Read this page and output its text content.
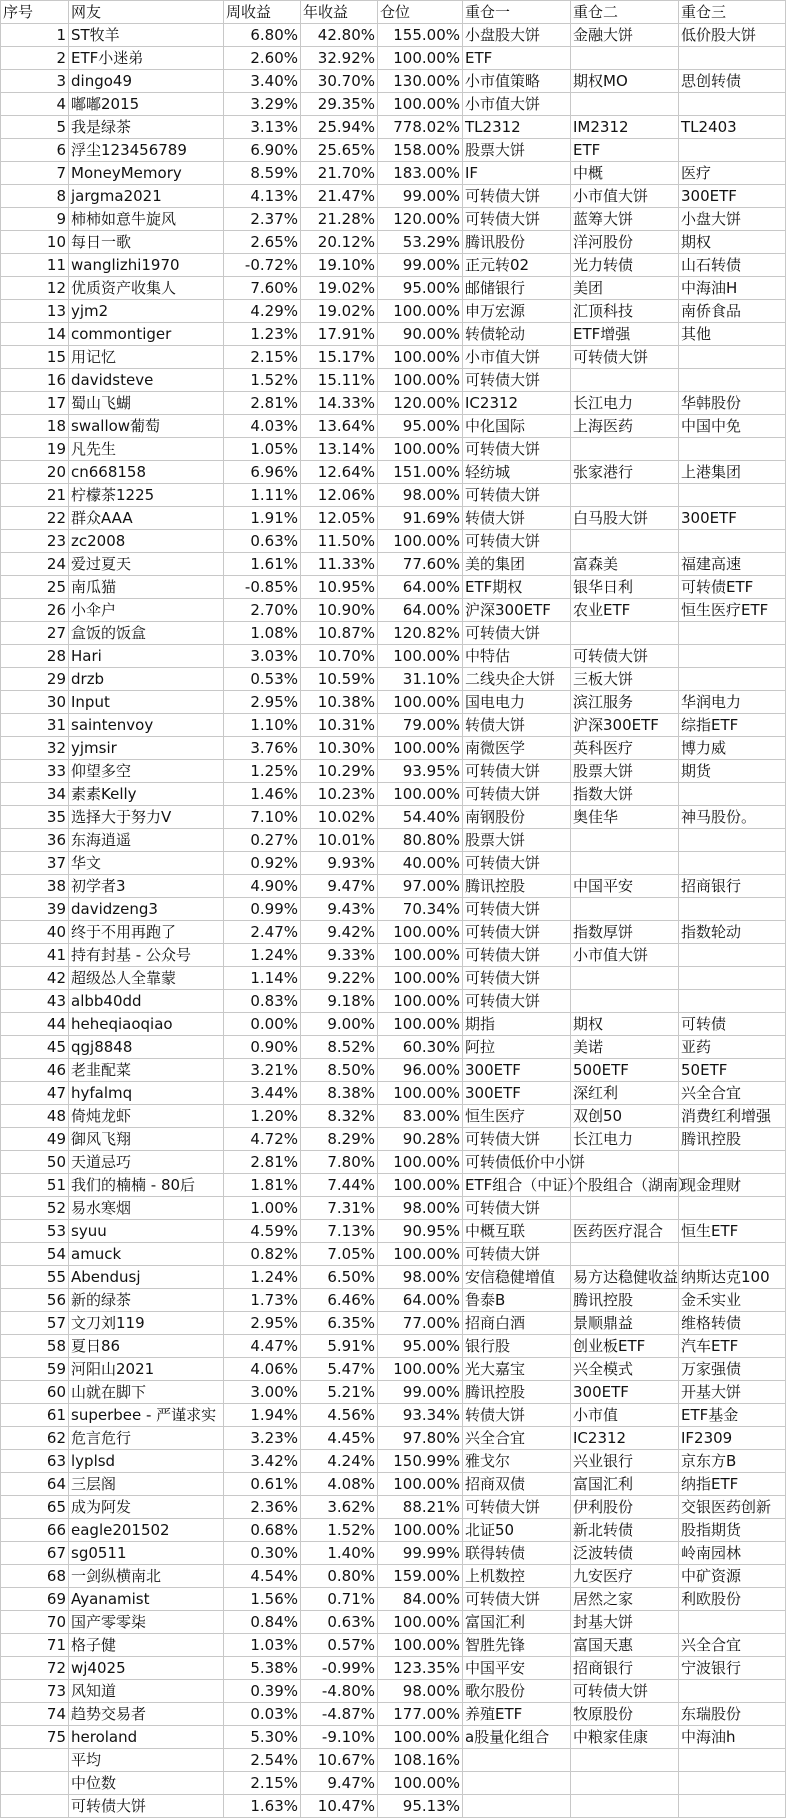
序号	网友	周收益	年收益	仓位	重仓一	重仓二	重仓三
1	ST牧羊	6.80%	42.80%	155.00%	小盘股大饼	金融大饼	低价股大饼
2	ETF小迷弟	2.60%	32.92%	100.00%	ETF		
3	dingo49	3.40%	30.70%	130.00%	小市值策略	期权MO	思创转债
4	嘟嘟2015	3.29%	29.35%	100.00%	小市值大饼		
5	我是绿茶	3.13%	25.94%	778.02%	TL2312	IM2312	TL2403
6	浮尘123456789	6.90%	25.65%	158.00%	股票大饼	ETF	
7	MoneyMemory	8.59%	21.70%	183.00%	IF	中概	医疗
8	jargma2021	4.13%	21.47%	99.00%	可转债大饼	小市值大饼	300ETF
9	柿柿如意牛旋风	2.37%	21.28%	120.00%	可转债大饼	蓝筹大饼	小盘大饼
10	每日一歌	2.65%	20.12%	53.29%	腾讯股份	洋河股份	期权
11	wanglizhi1970	-0.72%	19.10%	99.00%	正元转02	光力转债	山石转债
12	优质资产收集人	7.60%	19.02%	95.00%	邮储银行	美团	中海油H
13	yjm2	4.29%	19.02%	100.00%	申万宏源	汇顶科技	南侨食品
14	commontiger	1.23%	17.91%	90.00%	转债轮动	ETF增强	其他
15	用记忆	2.15%	15.17%	100.00%	小市值大饼	可转债大饼	
16	davidsteve	1.52%	15.11%	100.00%	可转债大饼		
17	蜀山飞蝴	2.81%	14.33%	120.00%	IC2312	长江电力	华韩股份
18	swallow葡萄	4.03%	13.64%	95.00%	中化国际	上海医药	中国中免
19	凡先生	1.05%	13.14%	100.00%	可转债大饼		
20	cn668158	6.96%	12.64%	151.00%	轻纺城	张家港行	上港集团
21	柠檬茶1225	1.11%	12.06%	98.00%	可转债大饼		
22	群众AAA	1.91%	12.05%	91.69%	转债大饼	白马股大饼	300ETF
23	zc2008	0.63%	11.50%	100.00%	可转债大饼		
24	爱过夏天	1.61%	11.33%	77.60%	美的集团	富森美	福建高速
25	南瓜猫	-0.85%	10.95%	64.00%	ETF期权	银华日利	可转债ETF
26	小伞户	2.70%	10.90%	64.00%	沪深300ETF	农业ETF	恒生医疗ETF
27	盒饭的饭盒	1.08%	10.87%	120.82%	可转债大饼		
28	Hari	3.03%	10.70%	100.00%	中特估	可转债大饼	
29	drzb	0.53%	10.59%	31.10%	二线央企大饼	三板大饼	
30	Input	2.95%	10.38%	100.00%	国电电力	滨江服务	华润电力
31	saintenvoy	1.10%	10.31%	79.00%	转债大饼	沪深300ETF	综指ETF
32	yjmsir	3.76%	10.30%	100.00%	南微医学	英科医疗	博力威
33	仰望多空	1.25%	10.29%	93.95%	可转债大饼	股票大饼	期货
34	素素Kelly	1.46%	10.23%	100.00%	可转债大饼	指数大饼	
35	选择大于努力V	7.10%	10.02%	54.40%	南钢股份	奥佳华	神马股份。
36	东海逍遥	0.27%	10.01%	80.80%	股票大饼		
37	华文	0.92%	9.93%	40.00%	可转债大饼		
38	初学者3	4.90%	9.47%	97.00%	腾讯控股	中国平安	招商银行
39	davidzeng3	0.99%	9.43%	70.34%	可转债大饼		
40	终于不用再跑了	2.47%	9.42%	100.00%	可转债大饼	指数厚饼	指数轮动
41	持有封基 - 公众号	1.24%	9.33%	100.00%	可转债大饼	小市值大饼	
42	超级怂人全靠蒙	1.14%	9.22%	100.00%	可转债大饼		
43	albb40dd	0.83%	9.18%	100.00%	可转债大饼		
44	heheqiaoqiao	0.00%	9.00%	100.00%	期指	期权	可转债
45	qgj8848	0.90%	8.52%	60.30%	阿拉	美诺	亚药
46	老韭配菜	3.21%	8.50%	96.00%	300ETF	500ETF	50ETF
47	hyfalmq	3.44%	8.38%	100.00%	300ETF	深红利	兴全合宜
48	倚炖龙虾	1.20%	8.32%	83.00%	恒生医疗	双创50	消费红利增强
49	御风飞翔	4.72%	8.29%	90.28%	可转债大饼	长江电力	腾讯控股
50	天道忌巧	2.81%	7.80%	100.00%	可转债低价中小饼		
51	我们的楠楠 - 80后	1.81%	7.44%	100.00%	ETF组合（中证）	个股组合（湖南）	现金理财
52	易水寒烟	1.00%	7.31%	98.00%	可转债大饼		
53	syuu	4.59%	7.13%	90.95%	中概互联	医药医疗混合	恒生ETF
54	amuck	0.82%	7.05%	100.00%	可转债大饼		
55	Abendusj	1.24%	6.50%	98.00%	安信稳健增值	易方达稳健收益	纳斯达克100
56	新的绿茶	1.73%	6.46%	64.00%	鲁泰B	腾讯控股	金禾实业
57	文刀刘119	2.95%	6.35%	77.00%	招商白酒	景顺鼎益	维格转债
58	夏日86	4.47%	5.91%	95.00%	银行股	创业板ETF	汽车ETF
59	河阳山2021	4.06%	5.47%	100.00%	光大嘉宝	兴全模式	万家强债
60	山就在脚下	3.00%	5.21%	99.00%	腾讯控股	300ETF	开基大饼
61	superbee - 严谨求实	1.94%	4.56%	93.34%	转债大饼	小市值	ETF基金
62	危言危行	3.23%	4.45%	97.80%	兴全合宜	IC2312	IF2309
63	lyplsd	3.42%	4.24%	150.99%	雅戈尔	兴业银行	京东方B
64	三层阁	0.61%	4.08%	100.00%	招商双债	富国汇利	纳指ETF
65	成为阿发	2.36%	3.62%	88.21%	可转债大饼	伊利股份	交银医药创新
66	eagle201502	0.68%	1.52%	100.00%	北证50	新北转债	股指期货
67	sg0511	0.30%	1.40%	99.99%	联得转债	泛波转债	岭南园林
68	一剑纵横南北	4.54%	0.80%	159.00%	上机数控	九安医疗	中矿资源
69	Ayanamist	1.56%	0.71%	84.00%	可转债大饼	居然之家	利欧股份
70	国产零零柒	0.84%	0.63%	100.00%	富国汇利	封基大饼	
71	格子健	1.03%	0.57%	100.00%	智胜先锋	富国天惠	兴全合宜
72	wj4025	5.38%	-0.99%	123.35%	中国平安	招商银行	宁波银行
73	风知道	0.39%	-4.80%	98.00%	歌尔股份	可转债大饼	
74	趋势交易者	0.03%	-4.87%	177.00%	养殖ETF	牧原股份	东瑞股份
75	heroland	5.30%	-9.10%	100.00%	a股量化组合	中粮家佳康	中海油h
	平均	2.54%	10.67%	108.16%			
	中位数	2.15%	9.47%	100.00%			
	可转债大饼	1.63%	10.47%	95.13%			
